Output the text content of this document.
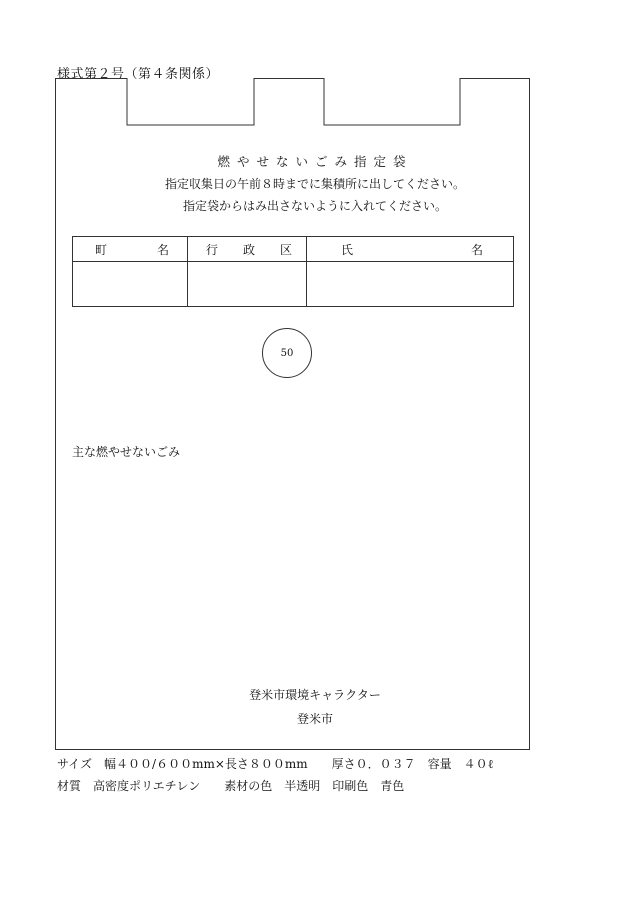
様式第２号（第４条関係）
燃やせないごみ指定袋
指定収集日の午前８時までに集積所に出してください。
指定袋からはみ出さないように入れてください。
町 名	行 政 区	氏 名

50
主な燃やせないごみ
登米市環境キャラクター
登米市
サイズ　幅４００/６００mm×長さ８００mm　　厚さ０．０３７　容量　４０ℓ
材質　高密度ポリエチレン　　素材の色　半透明　印刷色　青色
